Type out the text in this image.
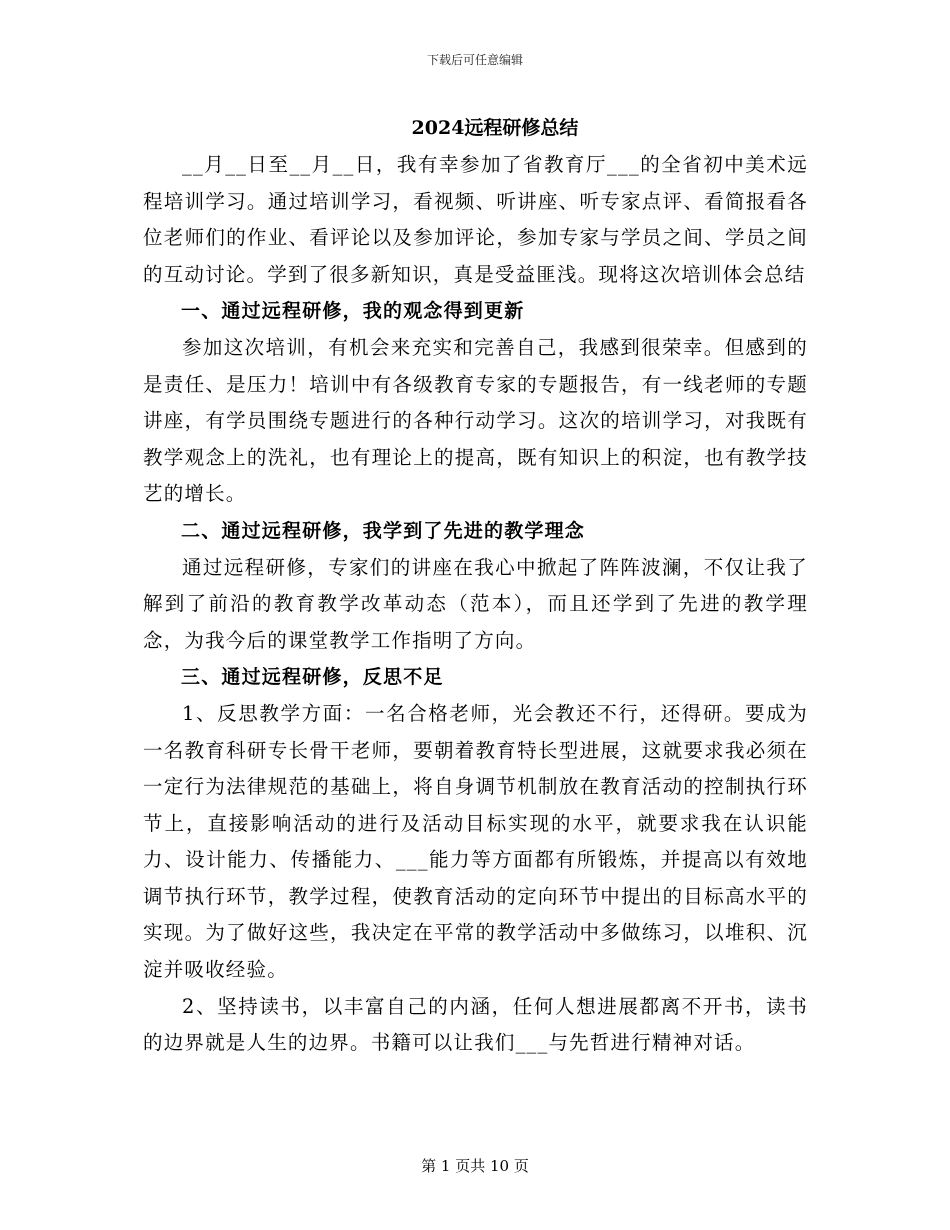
下载后可任意编辑
2024远程研修总结

__月__日至__月__日，我有幸参加了省教育厅___的全省初中美术远程培训学习。通过培训学习，看视频、听讲座、听专家点评、看简报看各位老师们的作业、看评论以及参加评论，参加专家与学员之间、学员之间的互动讨论。学到了很多新知识，真是受益匪浅。现将这次培训体会总结

一、通过远程研修，我的观念得到更新

参加这次培训，有机会来充实和完善自己，我感到很荣幸。但感到的是责任、是压力！培训中有各级教育专家的专题报告，有一线老师的专题讲座，有学员围绕专题进行的各种行动学习。这次的培训学习，对我既有教学观念上的洗礼，也有理论上的提高，既有知识上的积淀，也有教学技艺的增长。

二、通过远程研修，我学到了先进的教学理念

通过远程研修，专家们的讲座在我心中掀起了阵阵波澜，不仅让我了解到了前沿的教育教学改革动态（范本），而且还学到了先进的教学理念，为我今后的课堂教学工作指明了方向。

三、通过远程研修，反思不足

1、反思教学方面：一名合格老师，光会教还不行，还得研。要成为一名教育科研专长骨干老师，要朝着教育特长型进展，这就要求我必须在一定行为法律规范的基础上，将自身调节机制放在教育活动的控制执行环节上，直接影响活动的进行及活动目标实现的水平，就要求我在认识能力、设计能力、传播能力、___能力等方面都有所锻炼，并提高以有效地调节执行环节，教学过程，使教育活动的定向环节中提出的目标高水平的实现。为了做好这些，我决定在平常的教学活动中多做练习，以堆积、沉淀并吸收经验。

2、坚持读书，以丰富自己的内涵，任何人想进展都离不开书，读书的边界就是人生的边界。书籍可以让我们___与先哲进行精神对话。

第 1 页共 10 页
